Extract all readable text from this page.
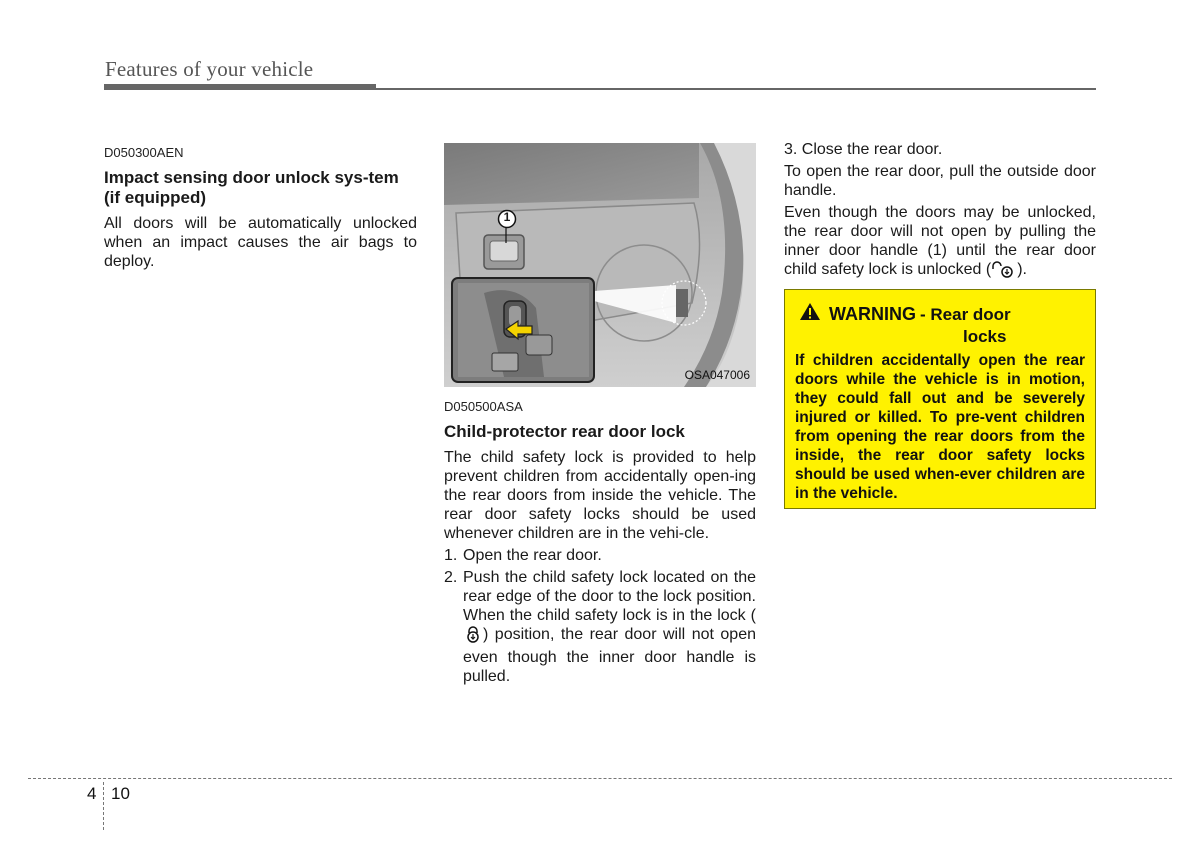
Features of your vehicle
D050300AEN
Impact sensing door unlock sys-tem (if equipped)

All doors will be automatically unlocked when an impact causes the air bags to deploy.

1
OSA047006
D050500ASA
Child-protector rear door lock

The child safety lock is provided to help prevent children from accidentally open-ing the rear doors from inside the vehicle. The rear door safety locks should be used whenever children are in the vehi-cle.

1. Open the rear door.
2. Push the child safety lock located on the rear edge of the door to the lock position. When the child safety lock is in the lock () position, the rear door will not open even though the inner door handle is pulled.

3. Close the rear door.

To open the rear door, pull the outside door handle.

Even though the doors may be unlocked, the rear door will not open by pulling the inner door handle (1) until the rear door child safety lock is unlocked ( ).

WARNING - Rear door
locks
If children accidentally open the rear doors while the vehicle is in motion, they could fall out and be severely injured or killed. To pre-vent children from opening the rear doors from the inside, the rear door safety locks should be used when-ever children are in the vehicle.
4 10
